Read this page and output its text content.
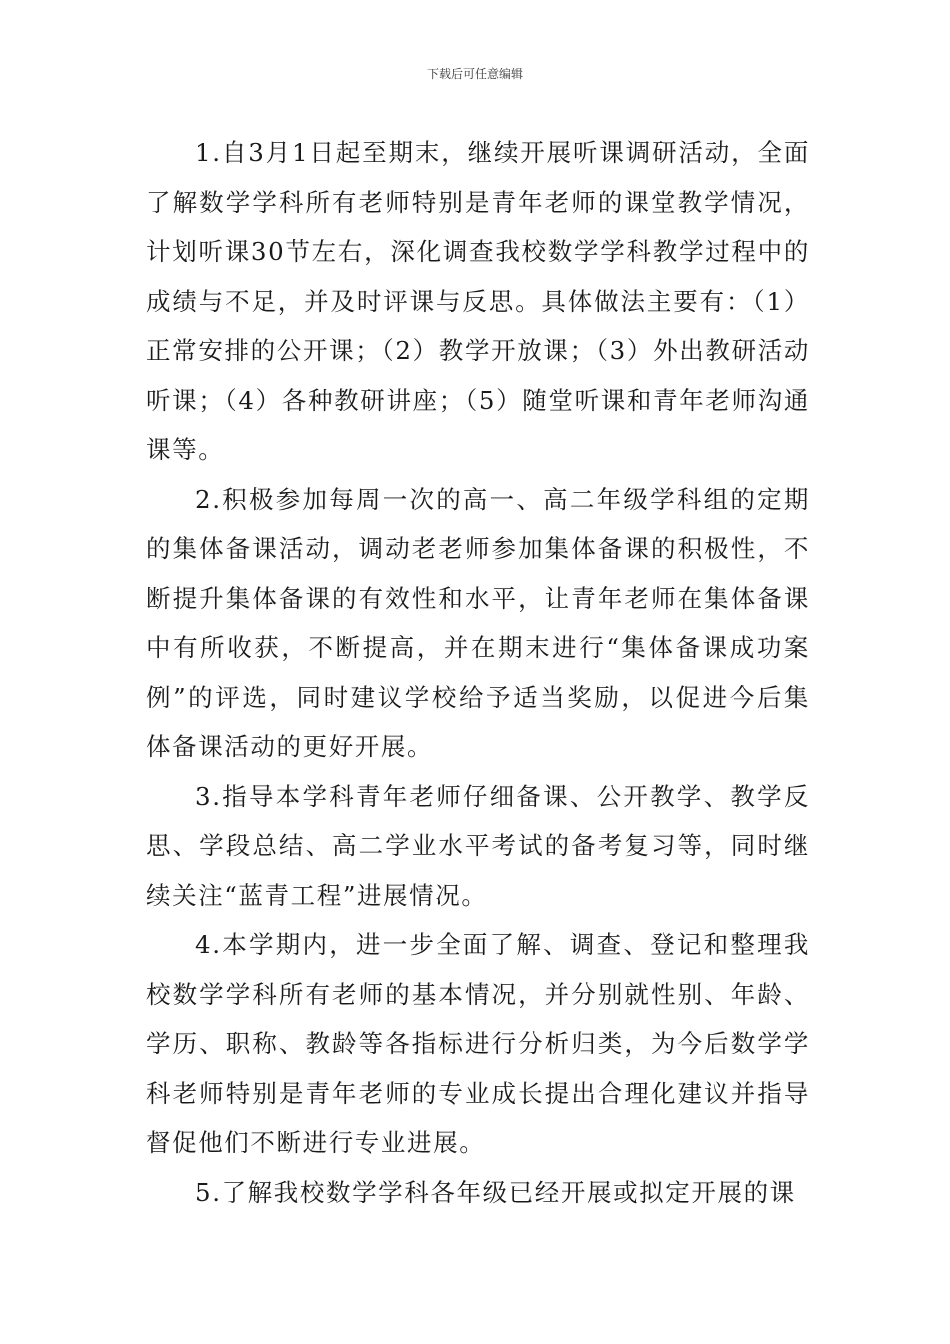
下载后可任意编辑

1.自3月1日起至期末，继续开展听课调研活动，全面了解数学学科所有老师特别是青年老师的课堂教学情况，计划听课30节左右，深化调查我校数学学科教学过程中的成绩与不足，并及时评课与反思。具体做法主要有：（1）正常安排的公开课；（2）教学开放课；（3）外出教研活动听课；（4）各种教研讲座；（5）随堂听课和青年老师沟通课等。

2.积极参加每周一次的高一、高二年级学科组的定期的集体备课活动，调动老老师参加集体备课的积极性，不断提升集体备课的有效性和水平，让青年老师在集体备课中有所收获，不断提高，并在期末进行“集体备课成功案例”的评选，同时建议学校给予适当奖励，以促进今后集体备课活动的更好开展。

3.指导本学科青年老师仔细备课、公开教学、教学反思、学段总结、高二学业水平考试的备考复习等，同时继续关注“蓝青工程”进展情况。

4.本学期内，进一步全面了解、调查、登记和整理我校数学学科所有老师的基本情况，并分别就性别、年龄、学历、职称、教龄等各指标进行分析归类，为今后数学学科老师特别是青年老师的专业成长提出合理化建议并指导督促他们不断进行专业进展。

5.了解我校数学学科各年级已经开展或拟定开展的课
